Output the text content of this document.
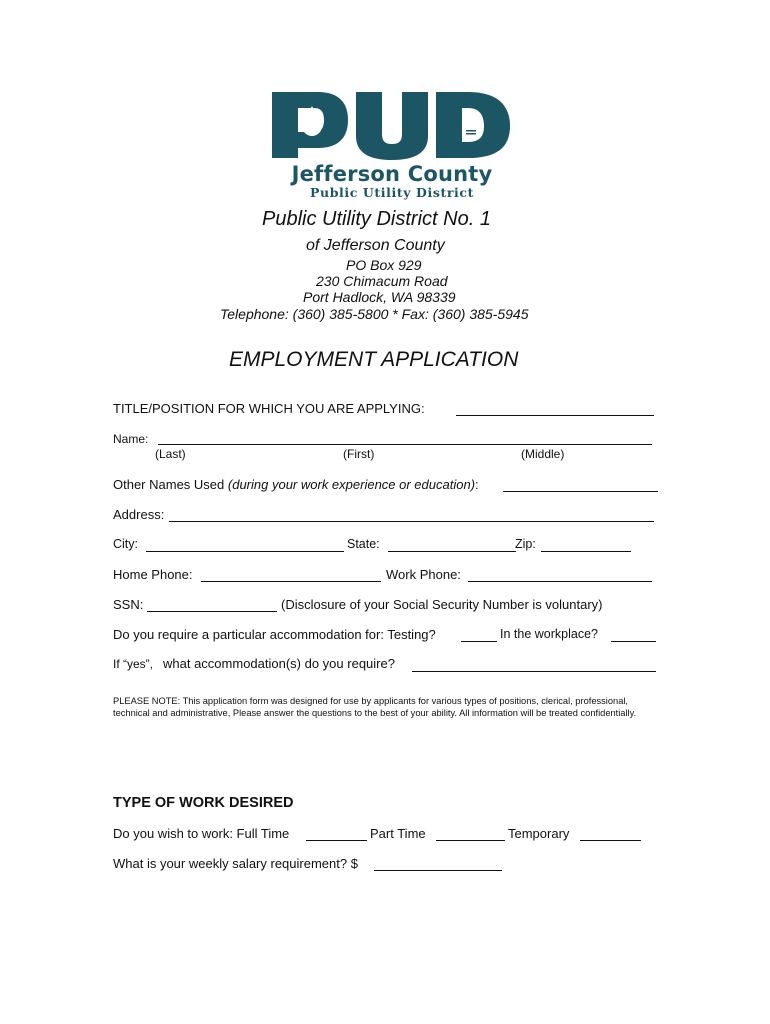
Jefferson County
Public Utility District
Public Utility District No. 1
of Jefferson County
PO Box 929
230 Chimacum Road
Port Hadlock, WA 98339
Telephone: (360) 385-5800 * Fax: (360) 385-5945
EMPLOYMENT APPLICATION
TITLE/POSITION FOR WHICH YOU ARE APPLYING:
Name:
(Last)	(First)	(Middle)
Other Names Used (during your work experience or education):
Address:
City:	State:	Zip:
Home Phone:	Work Phone:
SSN:	(Disclosure of your Social Security Number is voluntary)
Do you require a particular accommodation for: Testing?	In the workplace?
If “yes”, what accommodation(s) do you require?
PLEASE NOTE: This application form was designed for use by applicants for various types of positions, clerical, professional, technical and administrative, Please answer the questions to the best of your ability. All information will be treated confidentially.
TYPE OF WORK DESIRED
Do you wish to work: Full Time	Part Time	Temporary
What is your weekly salary requirement? $
